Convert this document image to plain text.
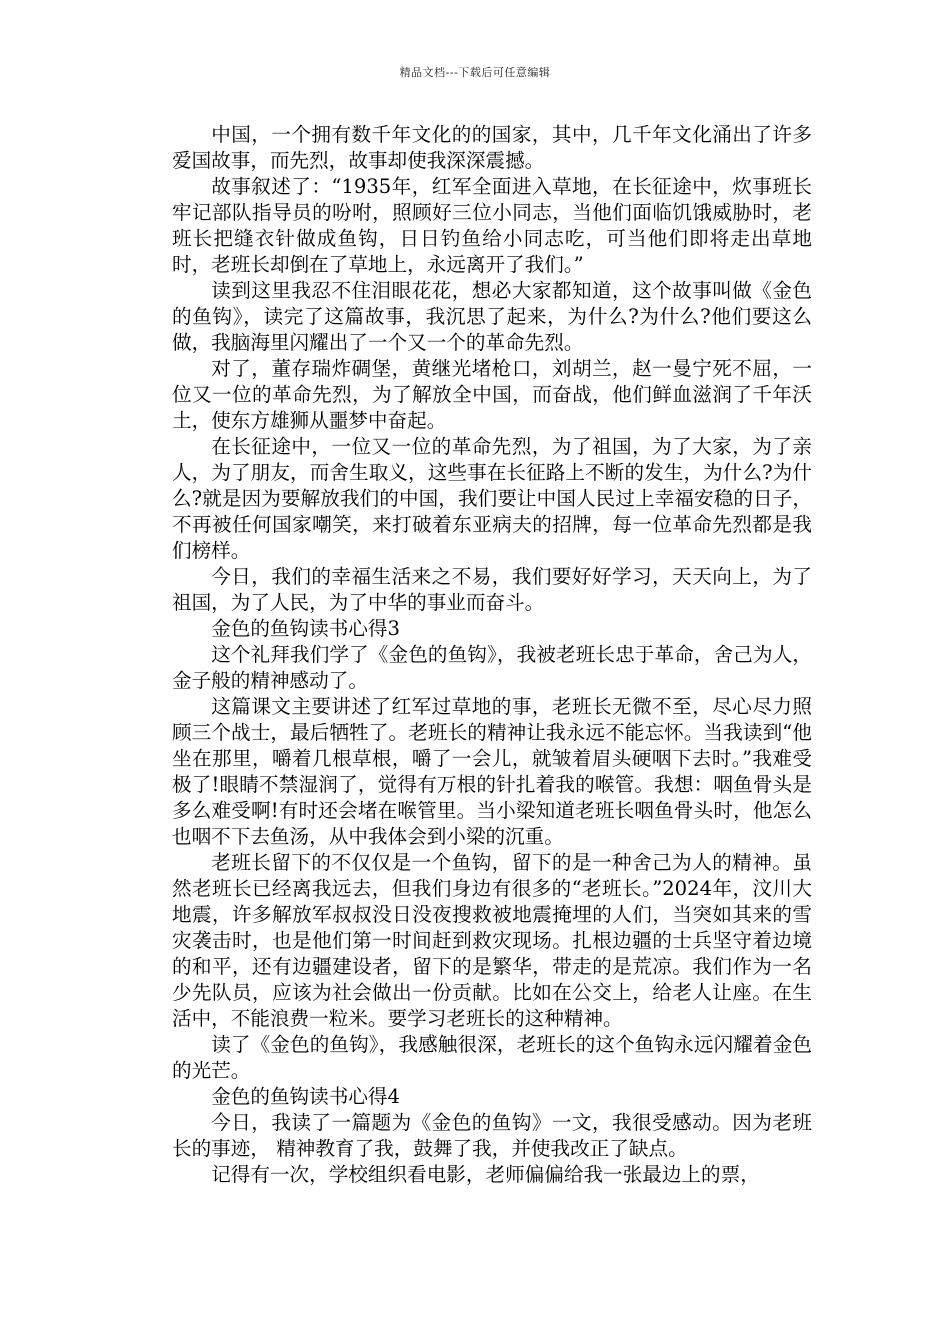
精品文档---下载后可任意编辑

中国，一个拥有数千年文化的的国家，其中，几千年文化涌出了许多爱国故事，而先烈，故事却使我深深震撼。

故事叙述了：“1935年，红军全面进入草地，在长征途中，炊事班长牢记部队指导员的吩咐，照顾好三位小同志，当他们面临饥饿威胁时，老班长把缝衣针做成鱼钩，日日钓鱼给小同志吃，可当他们即将走出草地时，老班长却倒在了草地上，永远离开了我们。”

读到这里我忍不住泪眼花花，想必大家都知道，这个故事叫做《金色的鱼钩》，读完了这篇故事，我沉思了起来，为什么?为什么?他们要这么做，我脑海里闪耀出了一个又一个的革命先烈。

对了，董存瑞炸碉堡，黄继光堵枪口，刘胡兰，赵一曼宁死不屈，一位又一位的革命先烈，为了解放全中国，而奋战，他们鲜血滋润了千年沃土，使东方雄狮从噩梦中奋起。

在长征途中，一位又一位的革命先烈，为了祖国，为了大家，为了亲人，为了朋友，而舍生取义，这些事在长征路上不断的发生，为什么?为什么?就是因为要解放我们的中国，我们要让中国人民过上幸福安稳的日子，不再被任何国家嘲笑，来打破着东亚病夫的招牌，每一位革命先烈都是我们榜样。

今日，我们的幸福生活来之不易，我们要好好学习，天天向上，为了祖国，为了人民，为了中华的事业而奋斗。

金色的鱼钩读书心得3

这个礼拜我们学了《金色的鱼钩》，我被老班长忠于革命，舍己为人，金子般的精神感动了。

这篇课文主要讲述了红军过草地的事，老班长无微不至，尽心尽力照顾三个战士，最后牺牲了。老班长的精神让我永远不能忘怀。当我读到“他坐在那里，嚼着几根草根，嚼了一会儿，就皱着眉头硬咽下去时。”我难受极了!眼睛不禁湿润了，觉得有万根的针扎着我的喉管。我想：咽鱼骨头是多么难受啊!有时还会堵在喉管里。当小梁知道老班长咽鱼骨头时，他怎么也咽不下去鱼汤，从中我体会到小梁的沉重。

老班长留下的不仅仅是一个鱼钩，留下的是一种舍己为人的精神。虽然老班长已经离我远去，但我们身边有很多的“老班长。”2024年，汶川大地震，许多解放军叔叔没日没夜搜救被地震掩埋的人们，当突如其来的雪灾袭击时，也是他们第一时间赶到救灾现场。扎根边疆的士兵坚守着边境的和平，还有边疆建设者，留下的是繁华，带走的是荒凉。我们作为一名少先队员，应该为社会做出一份贡献。比如在公交上，给老人让座。在生活中，不能浪费一粒米。要学习老班长的这种精神。

读了《金色的鱼钩》，我感触很深，老班长的这个鱼钩永远闪耀着金色的光芒。

金色的鱼钩读书心得4

今日，我读了一篇题为《金色的鱼钩》一文，我很受感动。因为老班长的事迹， 精神教育了我，鼓舞了我，并使我改正了缺点。

记得有一次，学校组织看电影，老师偏偏给我一张最边上的票，
